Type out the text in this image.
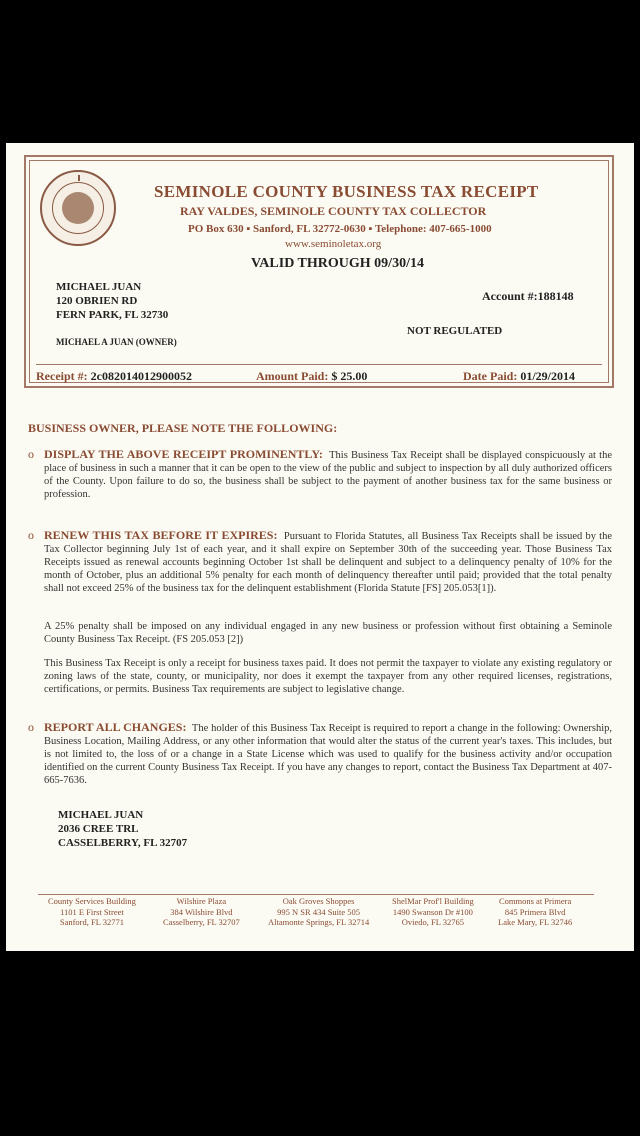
SEMINOLE COUNTY BUSINESS TAX RECEIPT
RAY VALDES, SEMINOLE COUNTY TAX COLLECTOR
PO Box 630 ▪ Sanford, FL 32772-0630 ▪ Telephone: 407-665-1000
www.seminoletax.org
VALID THROUGH 09/30/14
MICHAEL JUAN
120 OBRIEN RD
FERN PARK, FL 32730
Account #:188148
NOT REGULATED
MICHAEL A JUAN (OWNER)
Receipt #: 2c082014012900052	Amount Paid: $ 25.00	Date Paid: 01/29/2014
BUSINESS OWNER, PLEASE NOTE THE FOLLOWING:
o DISPLAY THE ABOVE RECEIPT PROMINENTLY: This Business Tax Receipt shall be displayed conspicuously at the place of business in such a manner that it can be open to the view of the public and subject to inspection by all duly authorized officers of the County. Upon failure to do so, the business shall be subject to the payment of another business tax for the same business or profession.
o RENEW THIS TAX BEFORE IT EXPIRES: Pursuant to Florida Statutes, all Business Tax Receipts shall be issued by the Tax Collector beginning July 1st of each year, and it shall expire on September 30th of the succeeding year. Those Business Tax Receipts issued as renewal accounts beginning October 1st shall be delinquent and subject to a delinquency penalty of 10% for the month of October, plus an additional 5% penalty for each month of delinquency thereafter until paid; provided that the total penalty shall not exceed 25% of the business tax for the delinquent establishment (Florida Statute [FS] 205.053[1]).
A 25% penalty shall be imposed on any individual engaged in any new business or profession without first obtaining a Seminole County Business Tax Receipt. (FS 205.053 [2])
This Business Tax Receipt is only a receipt for business taxes paid. It does not permit the taxpayer to violate any existing regulatory or zoning laws of the state, county, or municipality, nor does it exempt the taxpayer from any other required licenses, registrations, certifications, or permits. Business Tax requirements are subject to legislative change.
o REPORT ALL CHANGES: The holder of this Business Tax Receipt is required to report a change in the following: Ownership, Business Location, Mailing Address, or any other information that would alter the status of the current year's taxes. This includes, but is not limited to, the loss of or a change in a State License which was used to qualify for the business activity and/or occupation identified on the current County Business Tax Receipt. If you have any changes to report, contact the Business Tax Department at 407-665-7636.
MICHAEL JUAN
2036 CREE TRL
CASSELBERRY, FL 32707
County Services Building
1101 E First Street
Sanford, FL 32771
Wilshire Plaza
384 Wilshire Blvd
Casselberry, FL 32707
Oak Groves Shoppes
995 N SR 434 Suite 505
Altamonte Springs, FL 32714
ShelMar Prof'l Building
1490 Swanson Dr #100
Oviedo, FL 32765
Commons at Primera
845 Primera Blvd
Lake Mary, FL 32746
